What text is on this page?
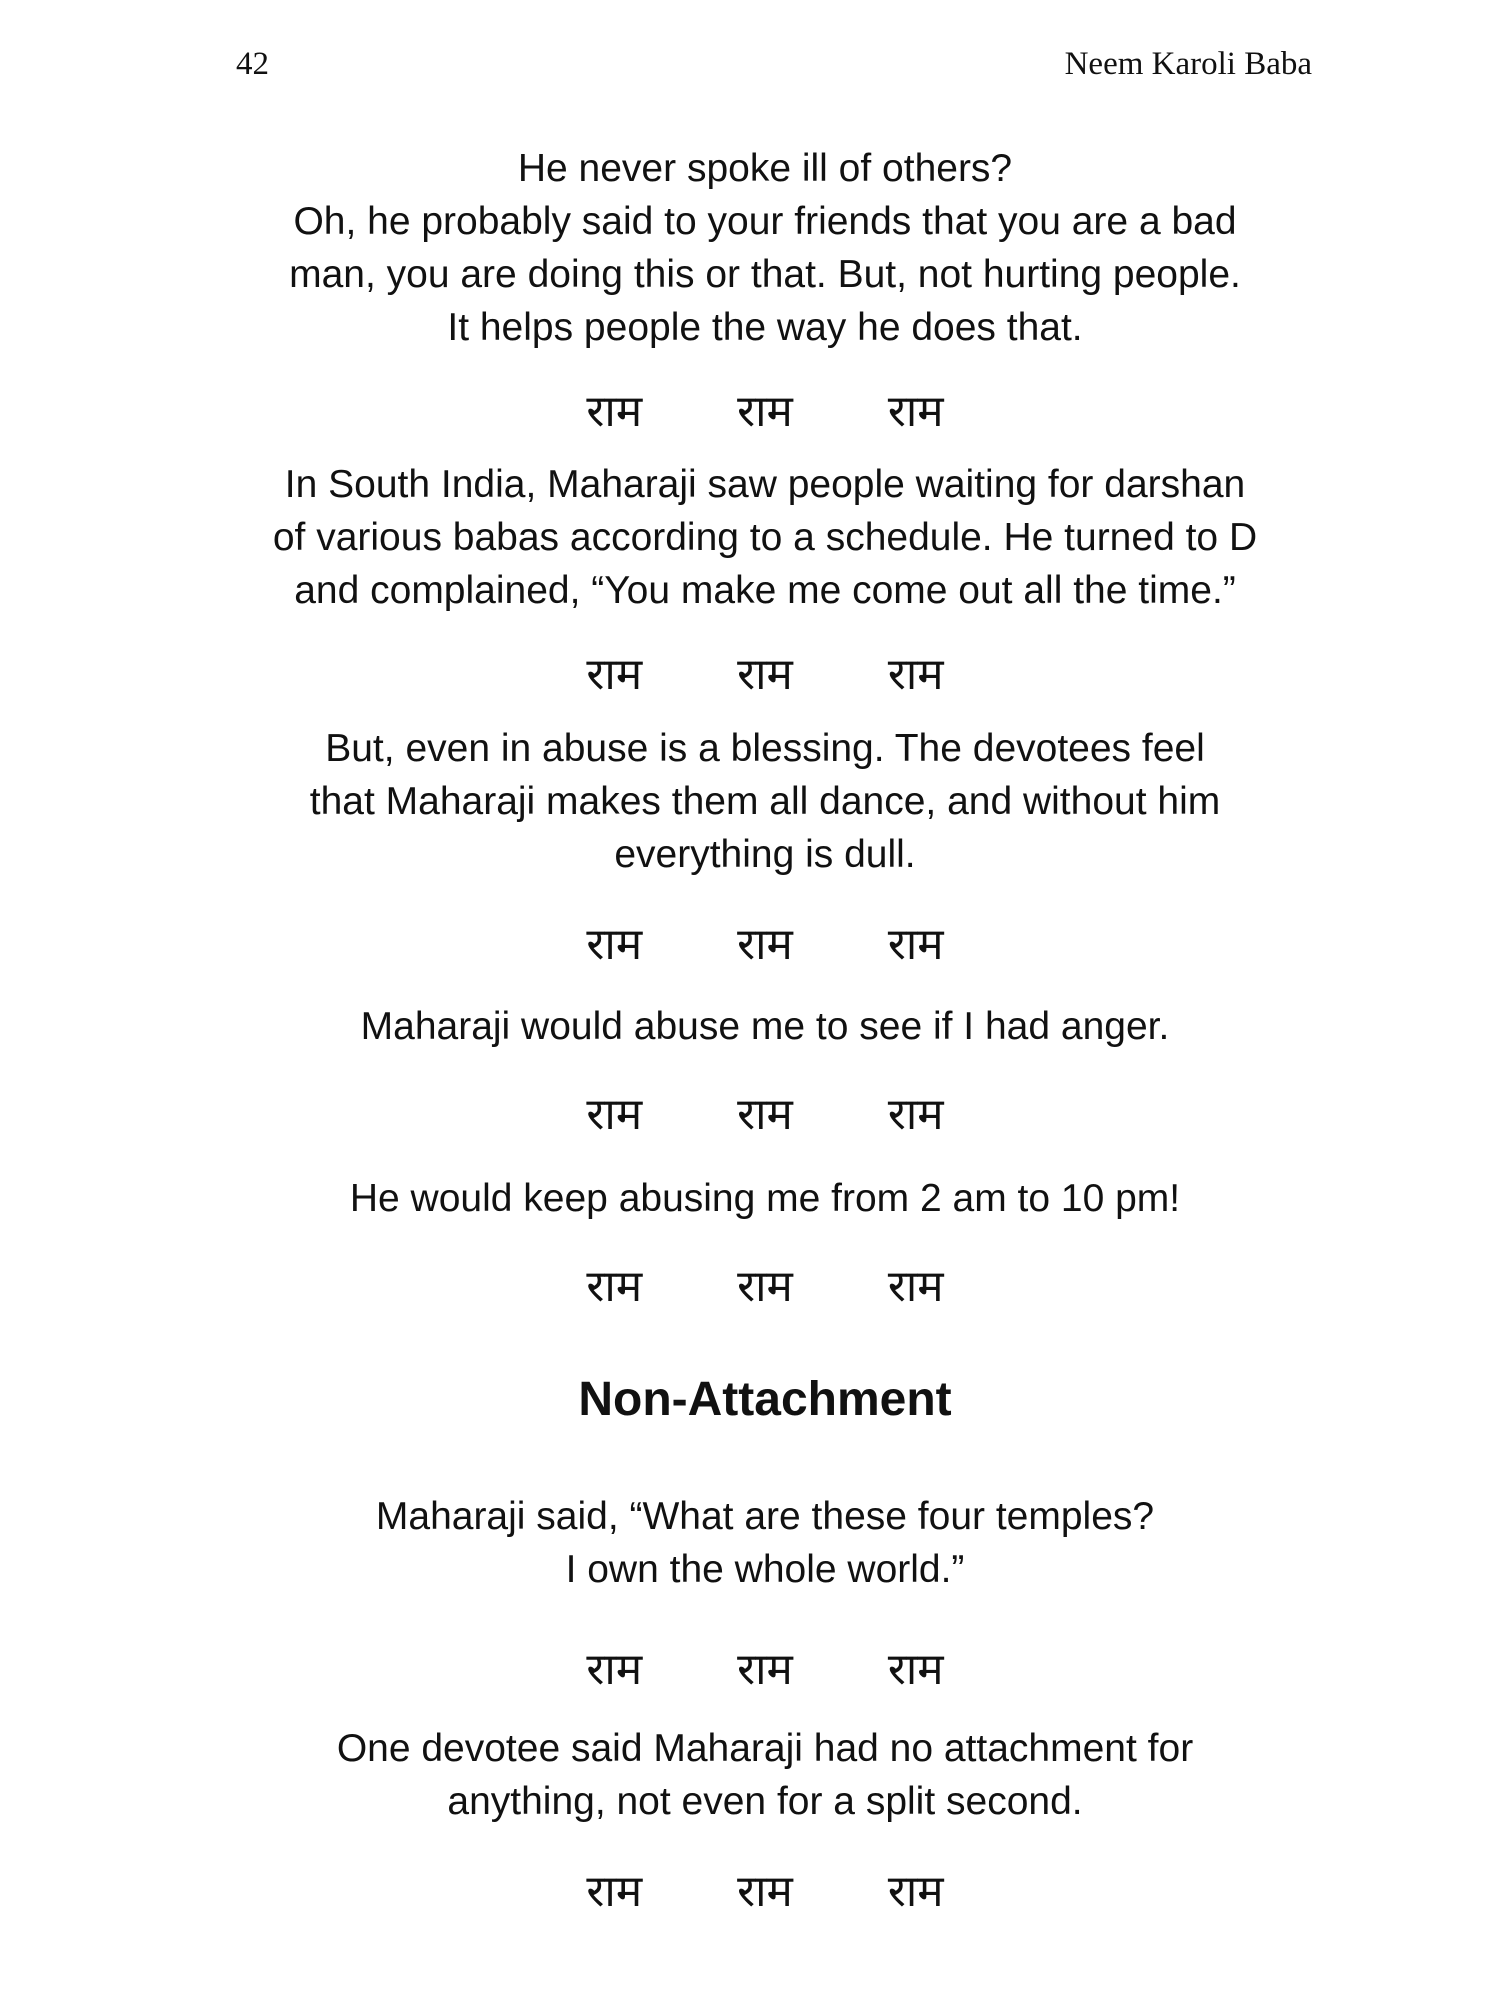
42	Neem Karoli Baba

He never spoke ill of others?

Oh, he probably said to your friends that you are a bad

man, you are doing this or that. But, not hurting people.

It helps people the way he does that.

राम राम राम

In South India, Maharaji saw people waiting for darshan

of various babas according to a schedule. He turned to D

and complained, “You make me come out all the time.”

राम राम राम

But, even in abuse is a blessing. The devotees feel

that Maharaji makes them all dance, and without him

everything is dull.

राम राम राम

Maharaji would abuse me to see if I had anger.

राम राम राम

He would keep abusing me from 2 am to 10 pm!

राम राम राम
Non-Attachment

Maharaji said, “What are these four temples?

I own the whole world.”

राम राम राम

One devotee said Maharaji had no attachment for

anything, not even for a split second.

राम राम राम
